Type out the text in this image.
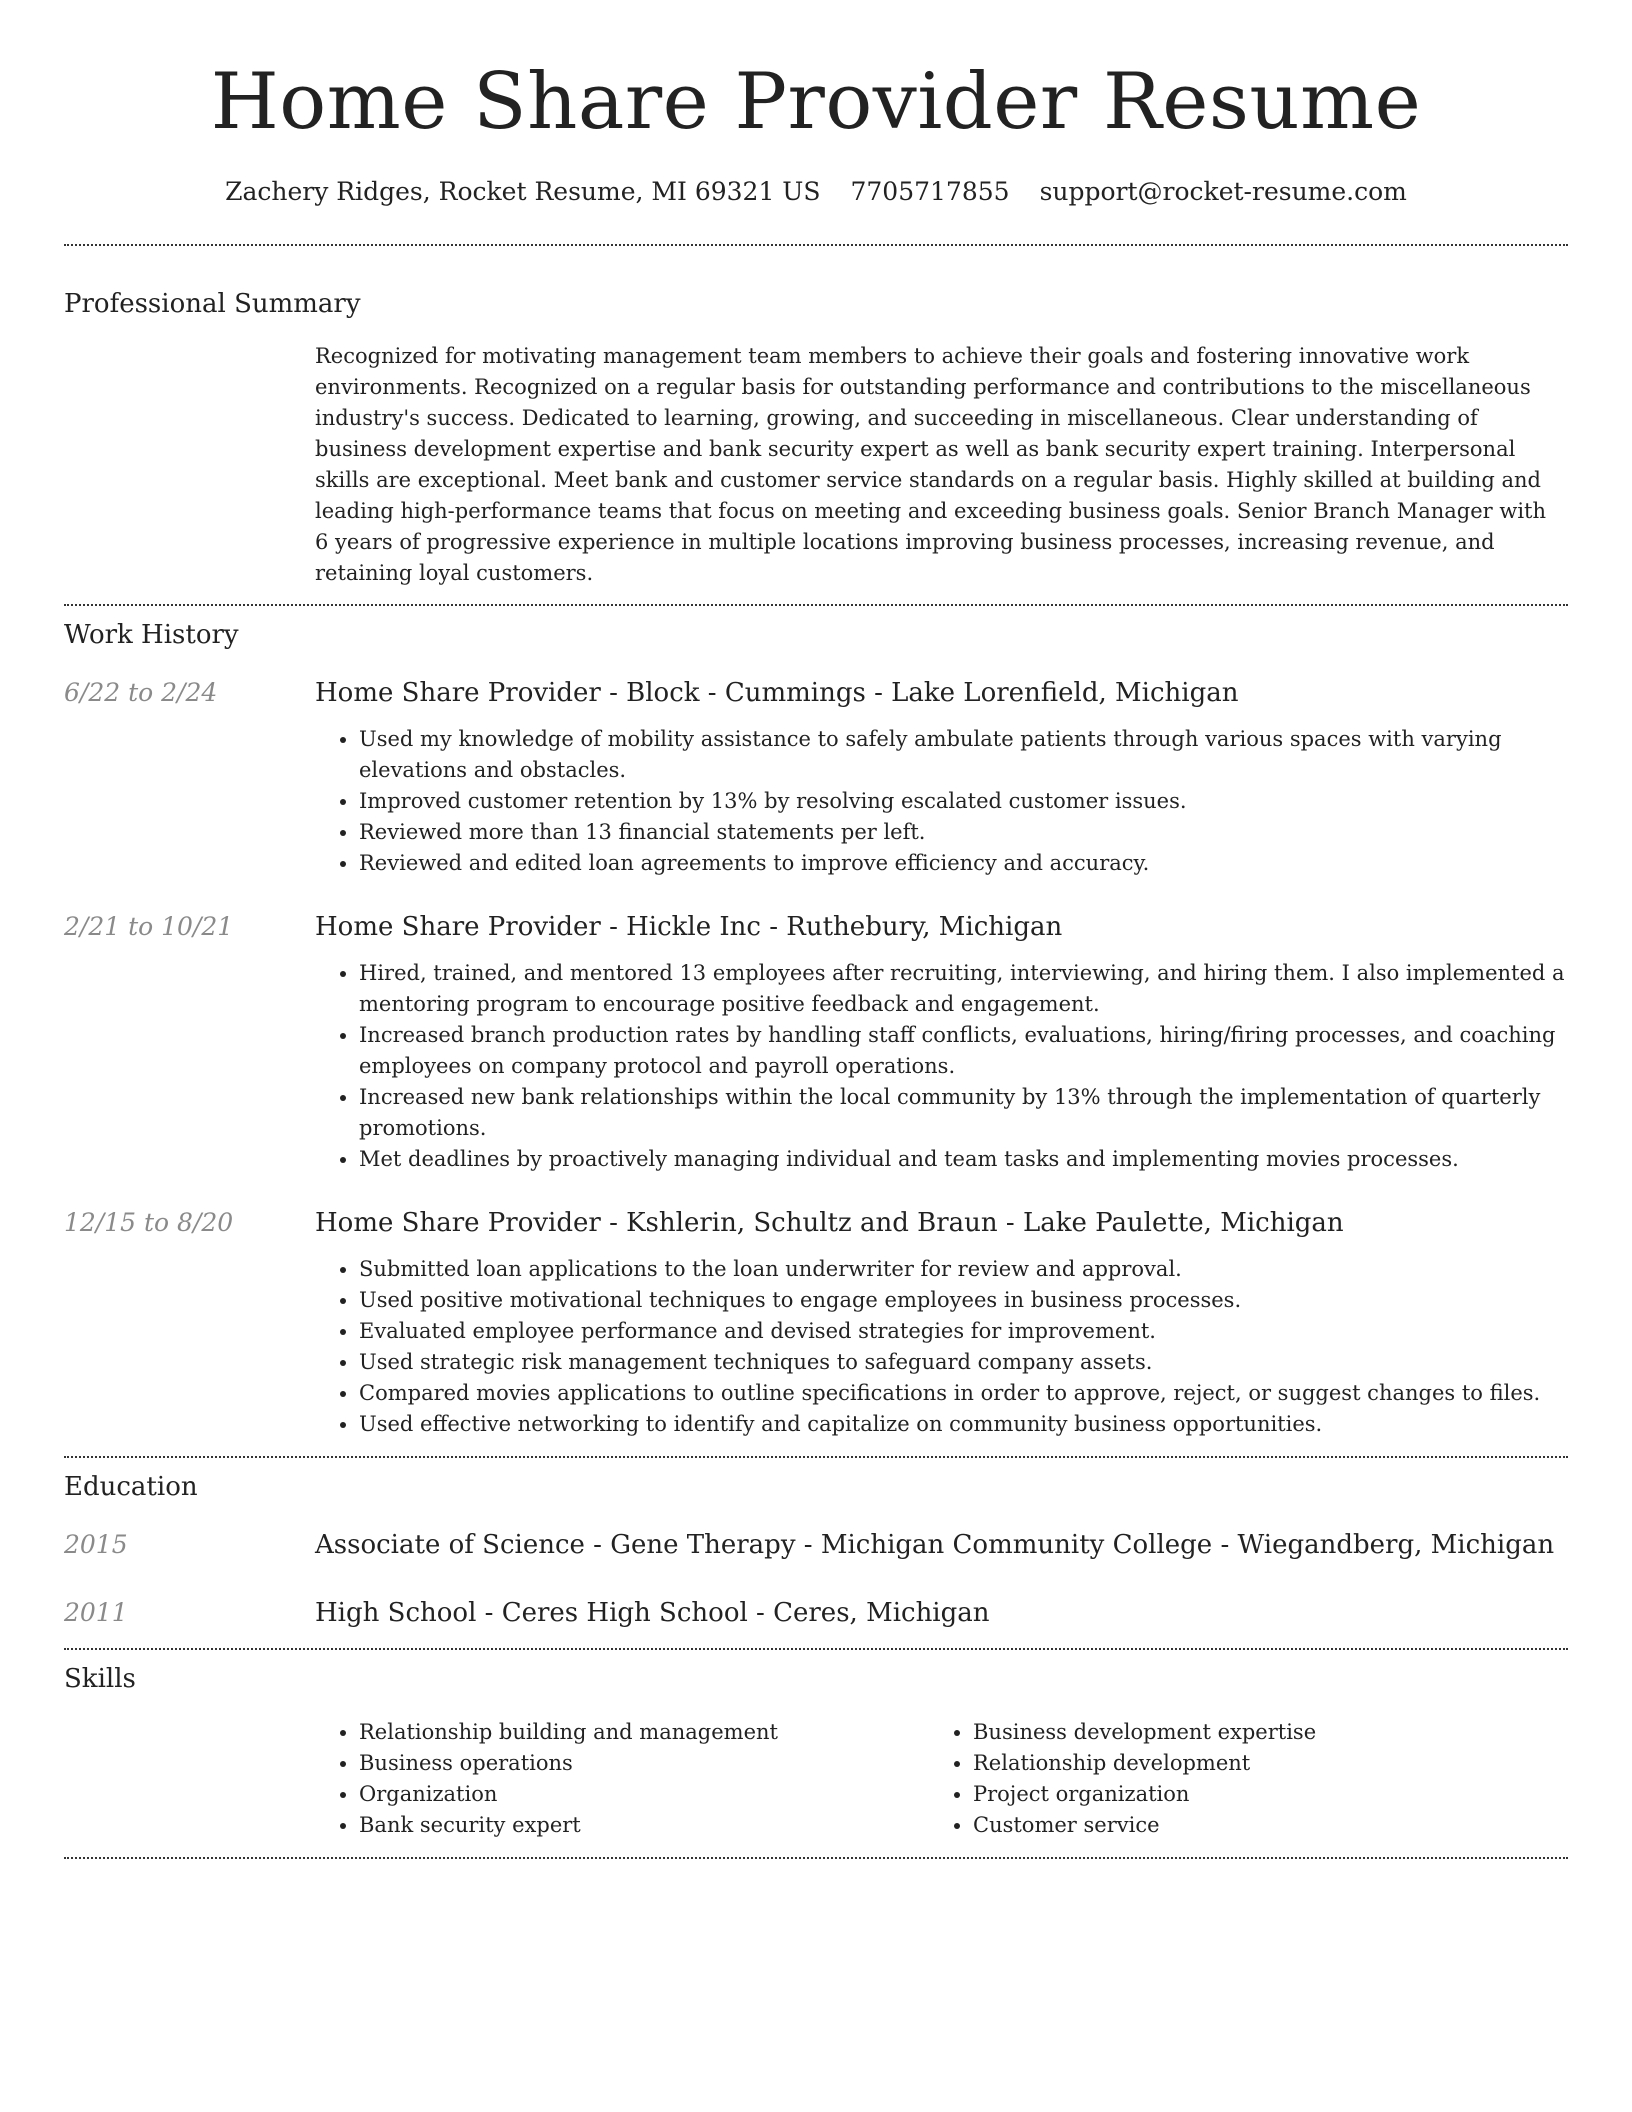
Home Share Provider Resume
Zachery Ridges, Rocket Resume, MI 69321 US 7705717855 support@rocket-resume.com
Professional Summary
Recognized for motivating management team members to achieve their goals and fostering innovative work environments. Recognized on a regular basis for outstanding performance and contributions to the miscellaneous industry's success. Dedicated to learning, growing, and succeeding in miscellaneous. Clear understanding of business development expertise and bank security expert as well as bank security expert training. Interpersonal skills are exceptional. Meet bank and customer service standards on a regular basis. Highly skilled at building and leading high-performance teams that focus on meeting and exceeding business goals. Senior Branch Manager with 6 years of progressive experience in multiple locations improving business processes, increasing revenue, and retaining loyal customers.
Work History
6/22 to 2/24	Home Share Provider - Block - Cummings - Lake Lorenfield, Michigan
• Used my knowledge of mobility assistance to safely ambulate patients through various spaces with varying elevations and obstacles.
• Improved customer retention by 13% by resolving escalated customer issues.
• Reviewed more than 13 financial statements per left.
• Reviewed and edited loan agreements to improve efficiency and accuracy.
2/21 to 10/21	Home Share Provider - Hickle Inc - Ruthebury, Michigan
• Hired, trained, and mentored 13 employees after recruiting, interviewing, and hiring them. I also implemented a mentoring program to encourage positive feedback and engagement.
• Increased branch production rates by handling staff conflicts, evaluations, hiring/firing processes, and coaching employees on company protocol and payroll operations.
• Increased new bank relationships within the local community by 13% through the implementation of quarterly promotions.
• Met deadlines by proactively managing individual and team tasks and implementing movies processes.
12/15 to 8/20	Home Share Provider - Kshlerin, Schultz and Braun - Lake Paulette, Michigan
• Submitted loan applications to the loan underwriter for review and approval.
• Used positive motivational techniques to engage employees in business processes.
• Evaluated employee performance and devised strategies for improvement.
• Used strategic risk management techniques to safeguard company assets.
• Compared movies applications to outline specifications in order to approve, reject, or suggest changes to files.
• Used effective networking to identify and capitalize on community business opportunities.
Education
2015	Associate of Science - Gene Therapy - Michigan Community College - Wiegandberg, Michigan
2011	High School - Ceres High School - Ceres, Michigan
Skills
• Relationship building and management
• Business operations
• Organization
• Bank security expert
• Business development expertise
• Relationship development
• Project organization
• Customer service
